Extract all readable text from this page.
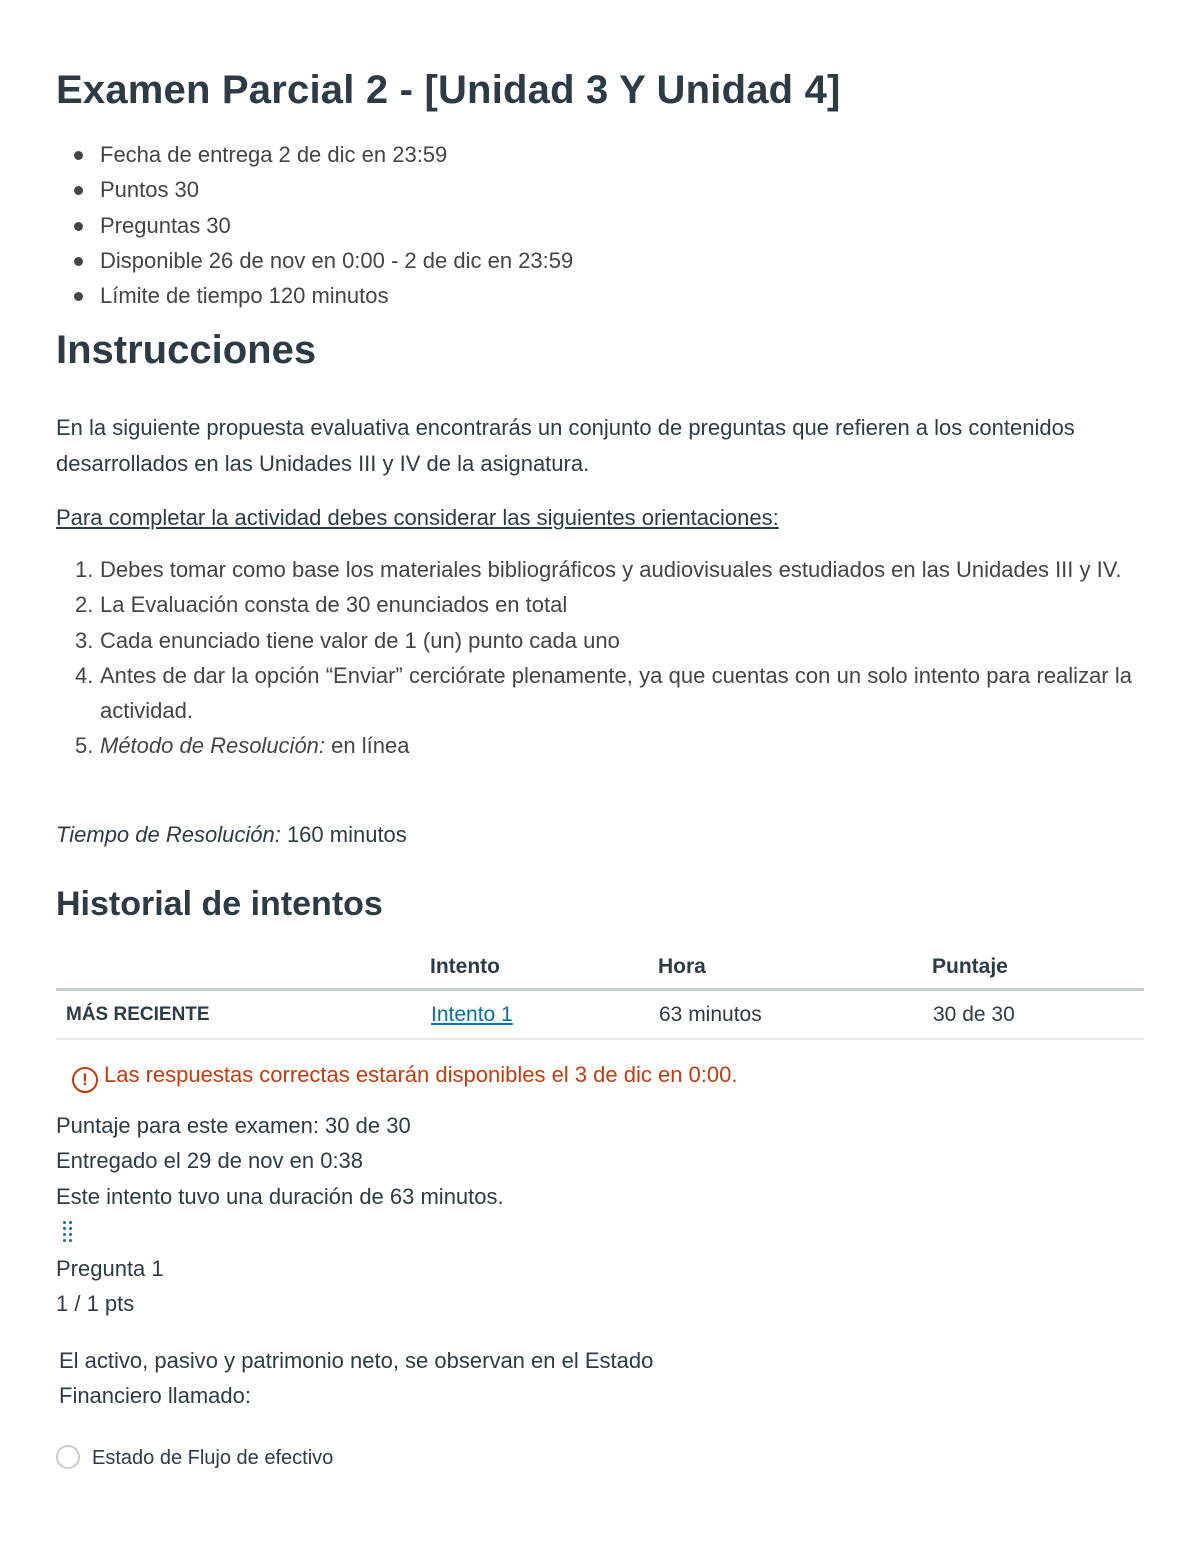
Examen Parcial 2 - [Unidad 3 Y Unidad 4]
Fecha de entrega 2 de dic en 23:59
Puntos 30
Preguntas 30
Disponible 26 de nov en 0:00 - 2 de dic en 23:59
Límite de tiempo 120 minutos
Instrucciones

En la siguiente propuesta evaluativa encontrarás un conjunto de preguntas que refieren a los contenidos desarrollados en las Unidades III y IV de la asignatura.

Para completar la actividad debes considerar las siguientes orientaciones:

1. Debes tomar como base los materiales bibliográficos y audiovisuales estudiados en las Unidades III y IV.
2. La Evaluación consta de 30 enunciados en total
3. Cada enunciado tiene valor de 1 (un) punto cada uno
4. Antes de dar la opción “Enviar” cerciórate plenamente, ya que cuentas con un solo intento para realizar la actividad.
5. Método de Resolución: en línea

Tiempo de Resolución: 160 minutos

Historial de intentos
	Intento	Hora	Puntaje
MÁS RECIENTE	Intento 1	63 minutos	30 de 30
! Las respuestas correctas estarán disponibles el 3 de dic en 0:00.
Puntaje para este examen: 30 de 30
Entregado el 29 de nov en 0:38
Este intento tuvo una duración de 63 minutos.
Pregunta 1
1 / 1 pts
El activo, pasivo y patrimonio neto, se observan en el Estado Financiero llamado:
Estado de Flujo de efectivo
